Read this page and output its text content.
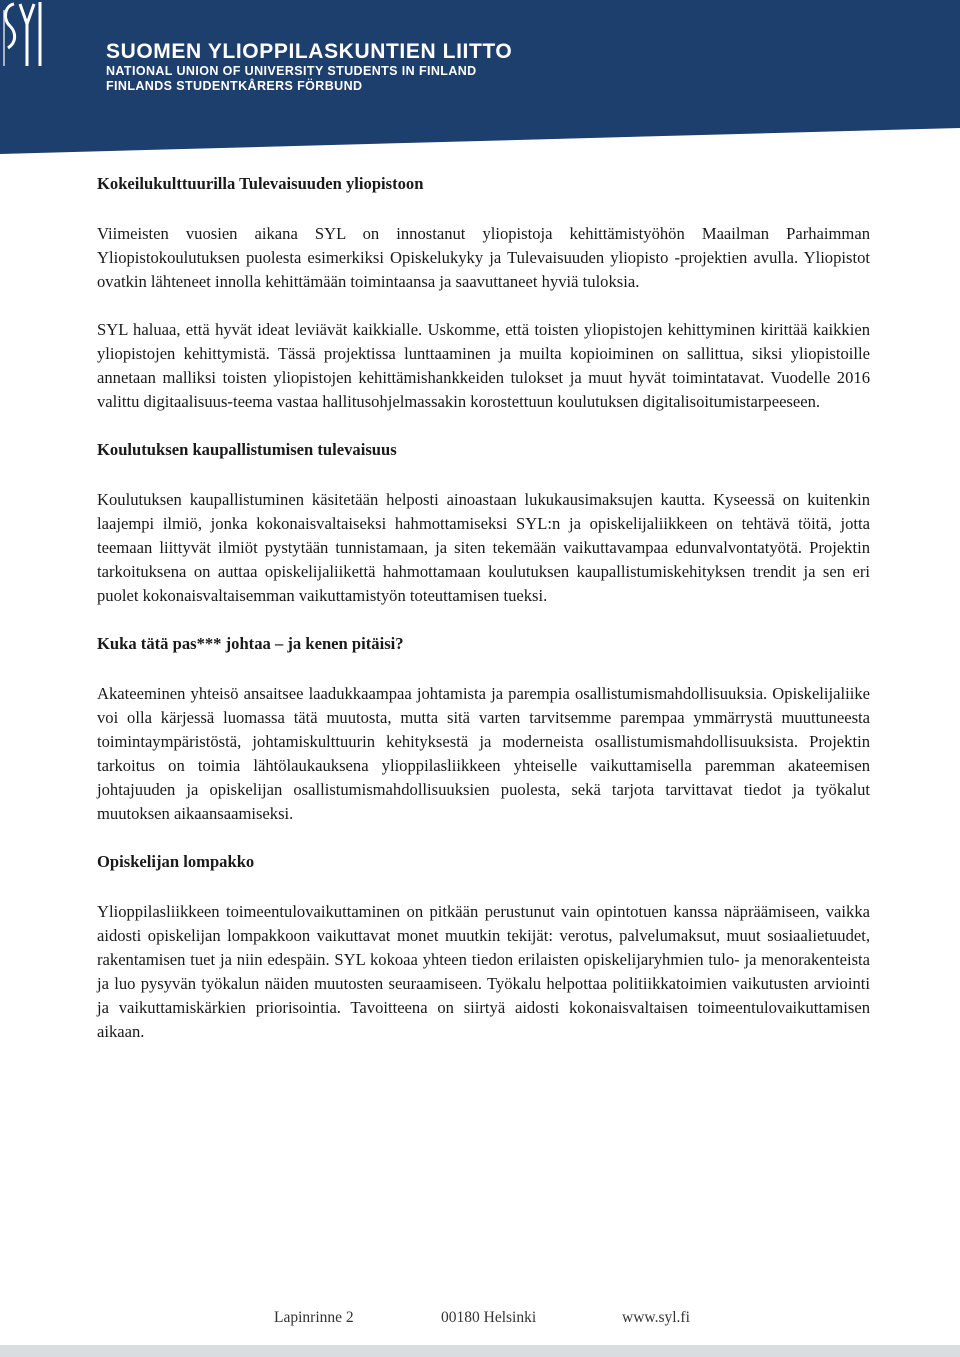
SUOMEN YLIOPPILASKUNTIEN LIITTO
NATIONAL UNION OF UNIVERSITY STUDENTS IN FINLAND
FINLANDS STUDENTKÅRERS FÖRBUND
Kokeilukulttuurilla Tulevaisuuden yliopistoon

Viimeisten vuosien aikana SYL on innostanut yliopistoja kehittämistyöhön Maailman Parhaimman Yliopistokoulutuksen puolesta esimerkiksi Opiskelukyky ja Tulevaisuuden yliopisto -projektien avulla. Yliopistot ovatkin lähteneet innolla kehittämään toimintaansa ja saavuttaneet hyviä tuloksia.

SYL haluaa, että hyvät ideat leviävät kaikkialle. Uskomme, että toisten yliopistojen kehittyminen kirittää kaikkien yliopistojen kehittymistä. Tässä projektissa lunttaaminen ja muilta kopioiminen on sallittua, siksi yliopistoille annetaan malliksi toisten yliopistojen kehittämishankkeiden tulokset ja muut hyvät toimintatavat. Vuodelle 2016 valittu digitaalisuus-teema vastaa hallitusohjelmassakin korostettuun koulutuksen digitalisoitumistarpeeseen.

Koulutuksen kaupallistumisen tulevaisuus

Koulutuksen kaupallistuminen käsitetään helposti ainoastaan lukukausimaksujen kautta. Kyseessä on kuitenkin laajempi ilmiö, jonka kokonaisvaltaiseksi hahmottamiseksi SYL:n ja opiskelijaliikkeen on tehtävä töitä, jotta teemaan liittyvät ilmiöt pystytään tunnistamaan, ja siten tekemään vaikuttavampaa edunvalvontatyötä. Projektin tarkoituksena on auttaa opiskelijaliikettä hahmottamaan koulutuksen kaupallistumiskehityksen trendit ja sen eri puolet kokonaisvaltaisemman vaikuttamistyön toteuttamisen tueksi.

Kuka tätä pas*** johtaa – ja kenen pitäisi?

Akateeminen yhteisö ansaitsee laadukkaampaa johtamista ja parempia osallistumismahdollisuuksia. Opiskelijaliike voi olla kärjessä luomassa tätä muutosta, mutta sitä varten tarvitsemme parempaa ymmärrystä muuttuneesta toimintaympäristöstä, johtamiskulttuurin kehityksestä ja moderneista osallistumismahdollisuuksista. Projektin tarkoitus on toimia lähtölaukauksena ylioppilasliikkeen yhteiselle vaikuttamisella paremman akateemisen johtajuuden ja opiskelijan osallistumismahdollisuuksien puolesta, sekä tarjota tarvittavat tiedot ja työkalut muutoksen aikaansaamiseksi.

Opiskelijan lompakko

Ylioppilasliikkeen toimeentulovaikuttaminen on pitkään perustunut vain opintotuen kanssa näpräämiseen, vaikka aidosti opiskelijan lompakkoon vaikuttavat monet muutkin tekijät: verotus, palvelumaksut, muut sosiaalietuudet, rakentamisen tuet ja niin edespäin. SYL kokoaa yhteen tiedon erilaisten opiskelijaryhmien tulo- ja menorakenteista ja luo pysyvän työkalun näiden muutosten seuraamiseen. Työkalu helpottaa politiikkatoimien vaikutusten arviointi ja vaikuttamiskärkien priorisointia. Tavoitteena on siirtyä aidosti kokonaisvaltaisen toimeentulovaikuttamisen aikaan.

Lapinrinne 2	00180 Helsinki	www.syl.fi
